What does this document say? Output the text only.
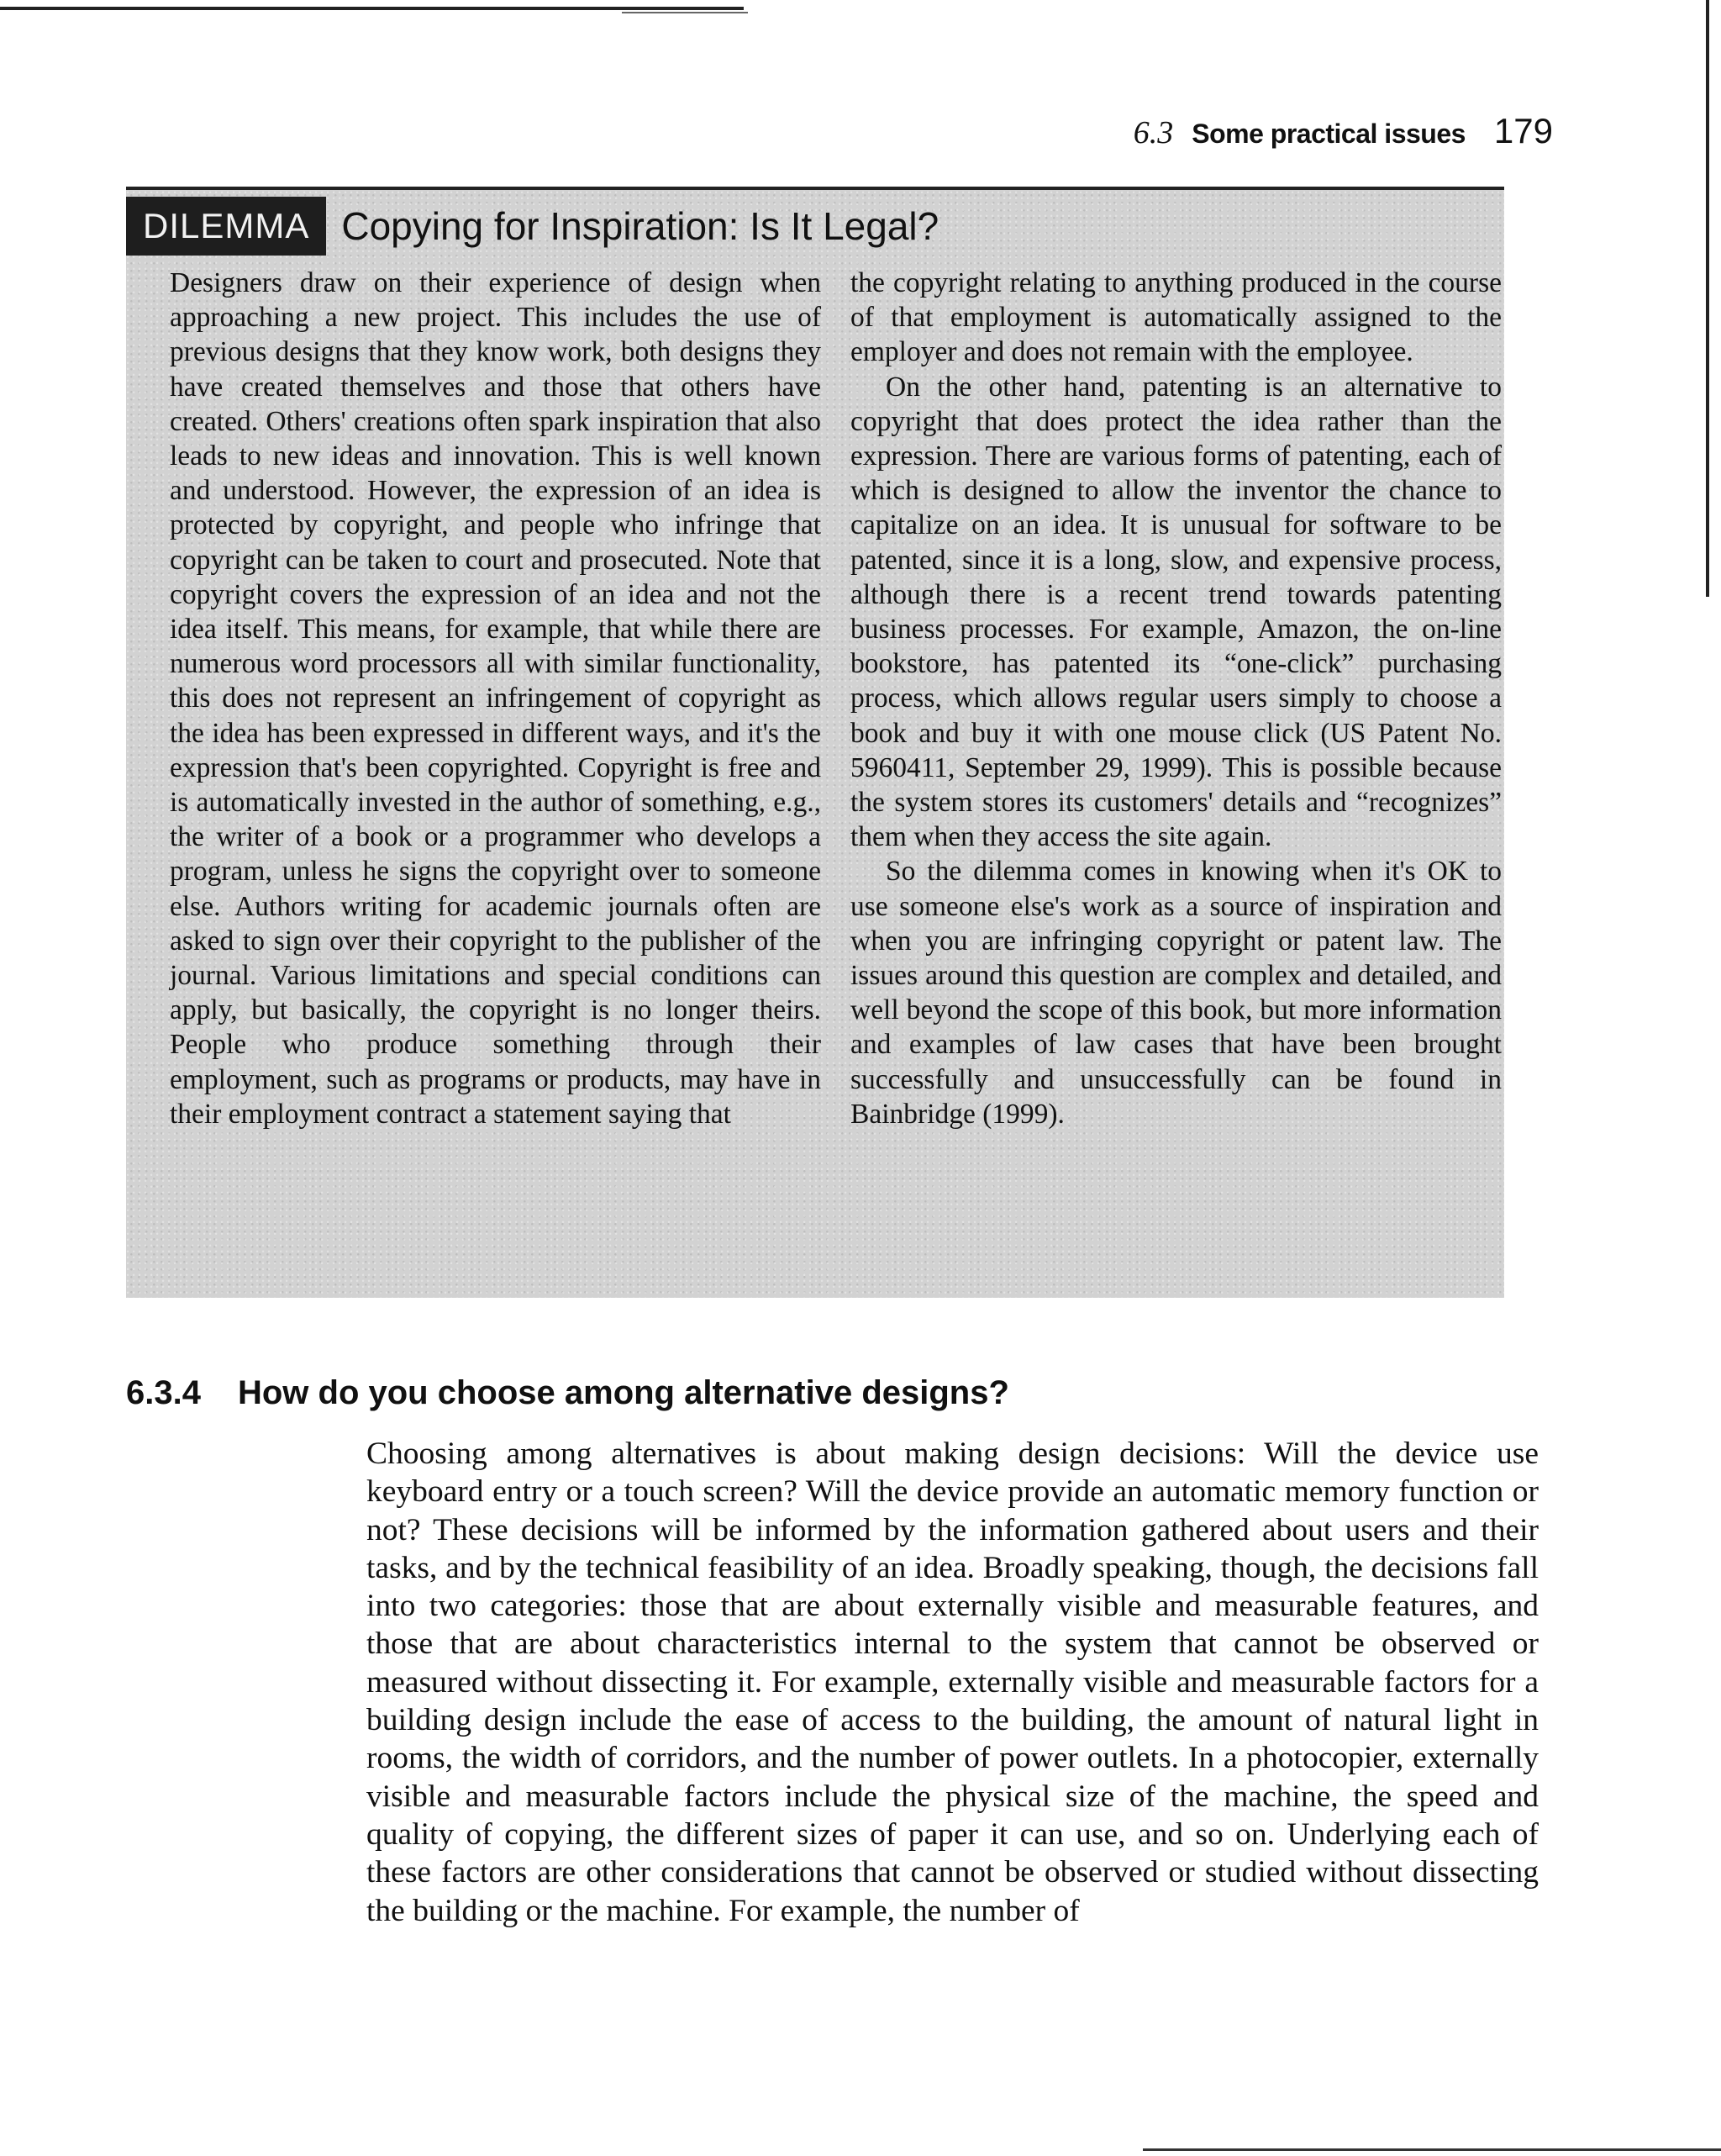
6.3 Some practical issues 179
DILEMMA Copying for Inspiration: Is It Legal?

Designers draw on their experience of design when approaching a new project. This includes the use of previous designs that they know work, both designs they have created themselves and those that others have created. Others' creations often spark inspiration that also leads to new ideas and innovation. This is well known and understood. However, the expression of an idea is protected by copyright, and people who infringe that copyright can be taken to court and prosecuted. Note that copyright covers the expression of an idea and not the idea itself. This means, for example, that while there are numerous word processors all with similar functionality, this does not represent an infringement of copyright as the idea has been expressed in different ways, and it's the expression that's been copyrighted. Copyright is free and is automatically invested in the author of something, e.g., the writer of a book or a programmer who develops a program, unless he signs the copyright over to someone else. Authors writing for academic journals often are asked to sign over their copyright to the publisher of the journal. Various limitations and special conditions can apply, but basically, the copyright is no longer theirs. People who produce something through their employment, such as programs or products, may have in their employment contract a statement saying that

the copyright relating to anything produced in the course of that employment is automatically assigned to the employer and does not remain with the employee.

On the other hand, patenting is an alternative to copyright that does protect the idea rather than the expression. There are various forms of patenting, each of which is designed to allow the inventor the chance to capitalize on an idea. It is unusual for software to be patented, since it is a long, slow, and expensive process, although there is a recent trend towards patenting business processes. For example, Amazon, the on-line bookstore, has patented its “one-click” purchasing process, which allows regular users simply to choose a book and buy it with one mouse click (US Patent No. 5960411, September 29, 1999). This is possible because the system stores its customers' details and “recognizes” them when they access the site again.

So the dilemma comes in knowing when it's OK to use someone else's work as a source of inspiration and when you are infringing copyright or patent law. The issues around this question are complex and detailed, and well beyond the scope of this book, but more information and examples of law cases that have been brought successfully and unsuccessfully can be found in Bainbridge (1999).

6.3.4 How do you choose among alternative designs?

Choosing among alternatives is about making design decisions: Will the device use keyboard entry or a touch screen? Will the device provide an automatic memory function or not? These decisions will be informed by the information gathered about users and their tasks, and by the technical feasibility of an idea. Broadly speaking, though, the decisions fall into two categories: those that are about externally visible and measurable features, and those that are about characteristics internal to the system that cannot be observed or measured without dissecting it. For example, externally visible and measurable factors for a building design include the ease of access to the building, the amount of natural light in rooms, the width of corridors, and the number of power outlets. In a photocopier, externally visible and measurable factors include the physical size of the machine, the speed and quality of copying, the different sizes of paper it can use, and so on. Underlying each of these factors are other considerations that cannot be observed or studied without dissecting the building or the machine. For example, the number of
